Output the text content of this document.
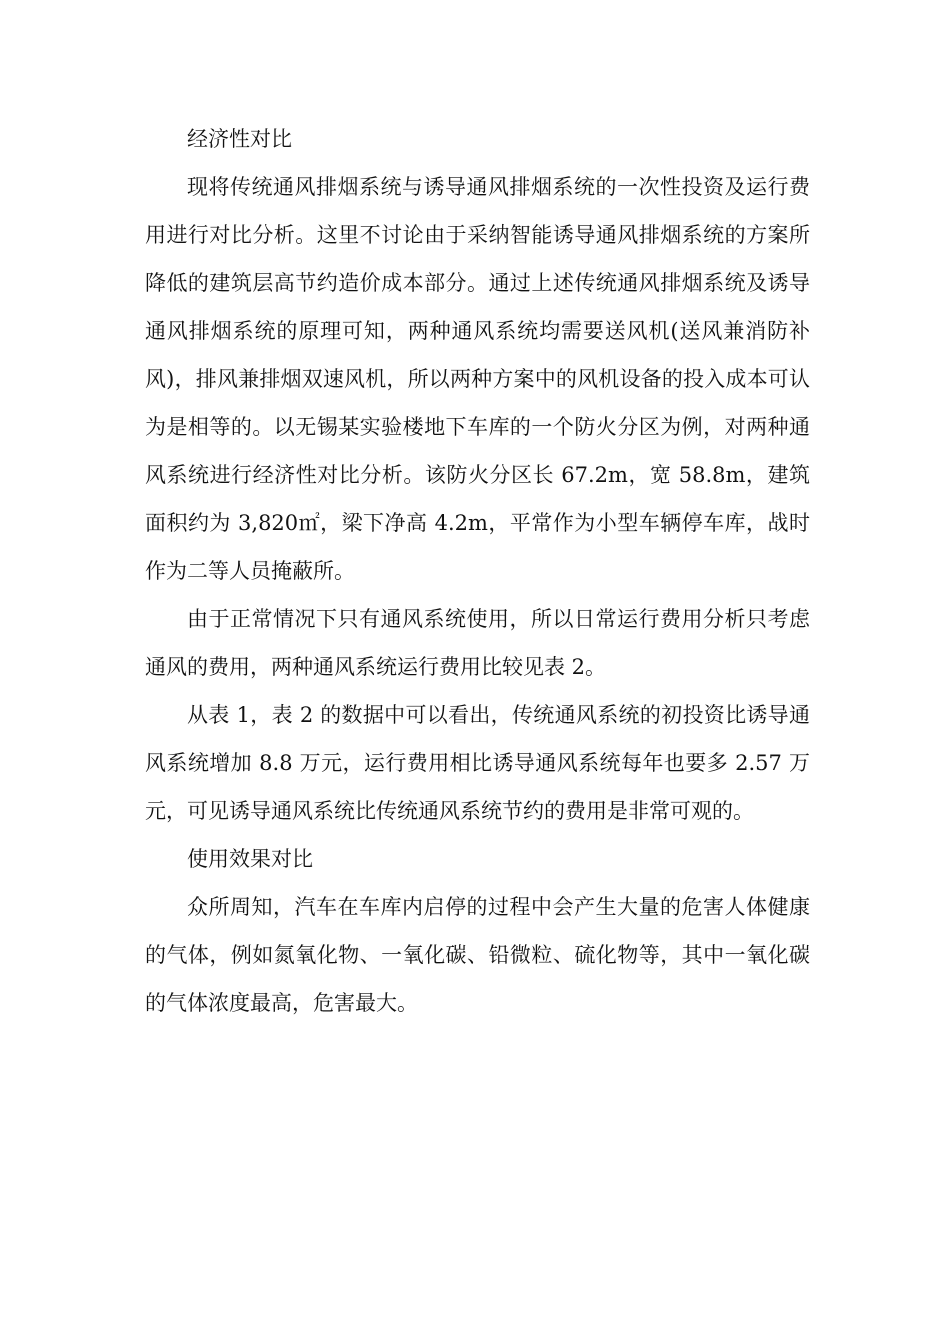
经济性对比

现将传统通风排烟系统与诱导通风排烟系统的一次性投资及运行费用进行对比分析。这里不讨论由于采纳智能诱导通风排烟系统的方案所降低的建筑层高节约造价成本部分。通过上述传统通风排烟系统及诱导通风排烟系统的原理可知，两种通风系统均需要送风机(送风兼消防补风)，排风兼排烟双速风机，所以两种方案中的风机设备的投入成本可认为是相等的。以无锡某实验楼地下车库的一个防火分区为例，对两种通风系统进行经济性对比分析。该防火分区长 67.2m，宽 58.8m，建筑面积约为 3,820㎡，梁下净高 4.2m，平常作为小型车辆停车库，战时作为二等人员掩蔽所。

由于正常情况下只有通风系统使用，所以日常运行费用分析只考虑通风的费用，两种通风系统运行费用比较见表 2。

从表 1，表 2 的数据中可以看出，传统通风系统的初投资比诱导通风系统增加 8.8 万元，运行费用相比诱导通风系统每年也要多 2.57 万元，可见诱导通风系统比传统通风系统节约的费用是非常可观的。

使用效果对比

众所周知，汽车在车库内启停的过程中会产生大量的危害人体健康的气体，例如氮氧化物、一氧化碳、铅微粒、硫化物等，其中一氧化碳的气体浓度最高，危害最大。
